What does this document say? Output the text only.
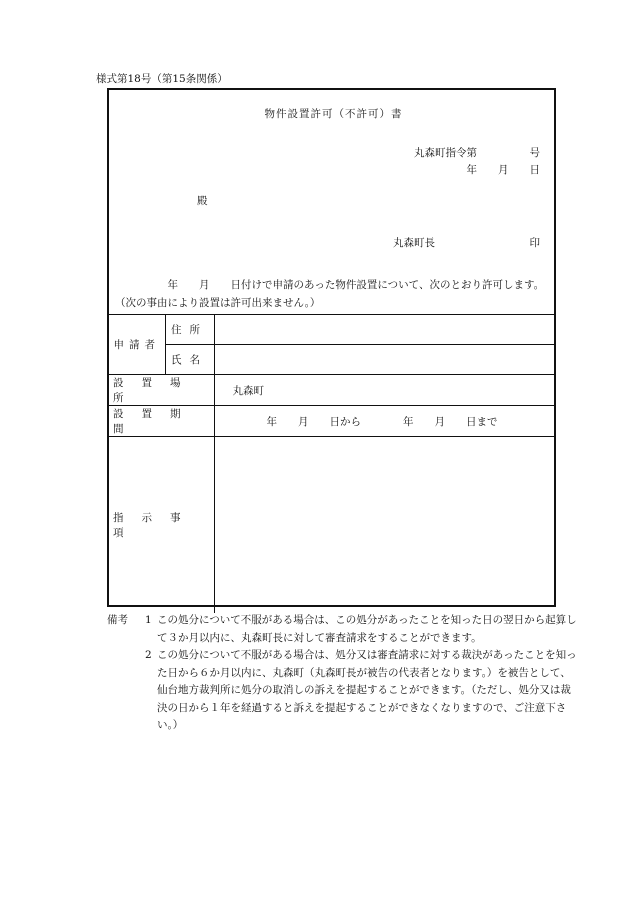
様式第18号（第15条関係）
物件設置許可（不許可）書
丸森町指令第　　　　　号
年　　月　　日
殿
丸森町長　　　　　　　　　印
　　　　　年　　月　　日付けで申請のあった物件設置について、次のとおり許可します。（次の事由により設置は許可出来ません。）
申請者	住所	
	氏名	
設置場所		丸森町
設置期間		年　　月　　日から　　　　年　　月　　日まで
指示事項		
備考 1 この処分について不服がある場合は、この処分があったことを知った日の翌日から起算して３か月以内に、丸森町長に対して審査請求をすることができます。
2 この処分について不服がある場合は、処分又は審査請求に対する裁決があったことを知った日から６か月以内に、丸森町（丸森町長が被告の代表者となります。）を被告として、仙台地方裁判所に処分の取消しの訴えを提起することができます。（ただし、処分又は裁決の日から１年を経過すると訴えを提起することができなくなりますので、ご注意下さい。）
